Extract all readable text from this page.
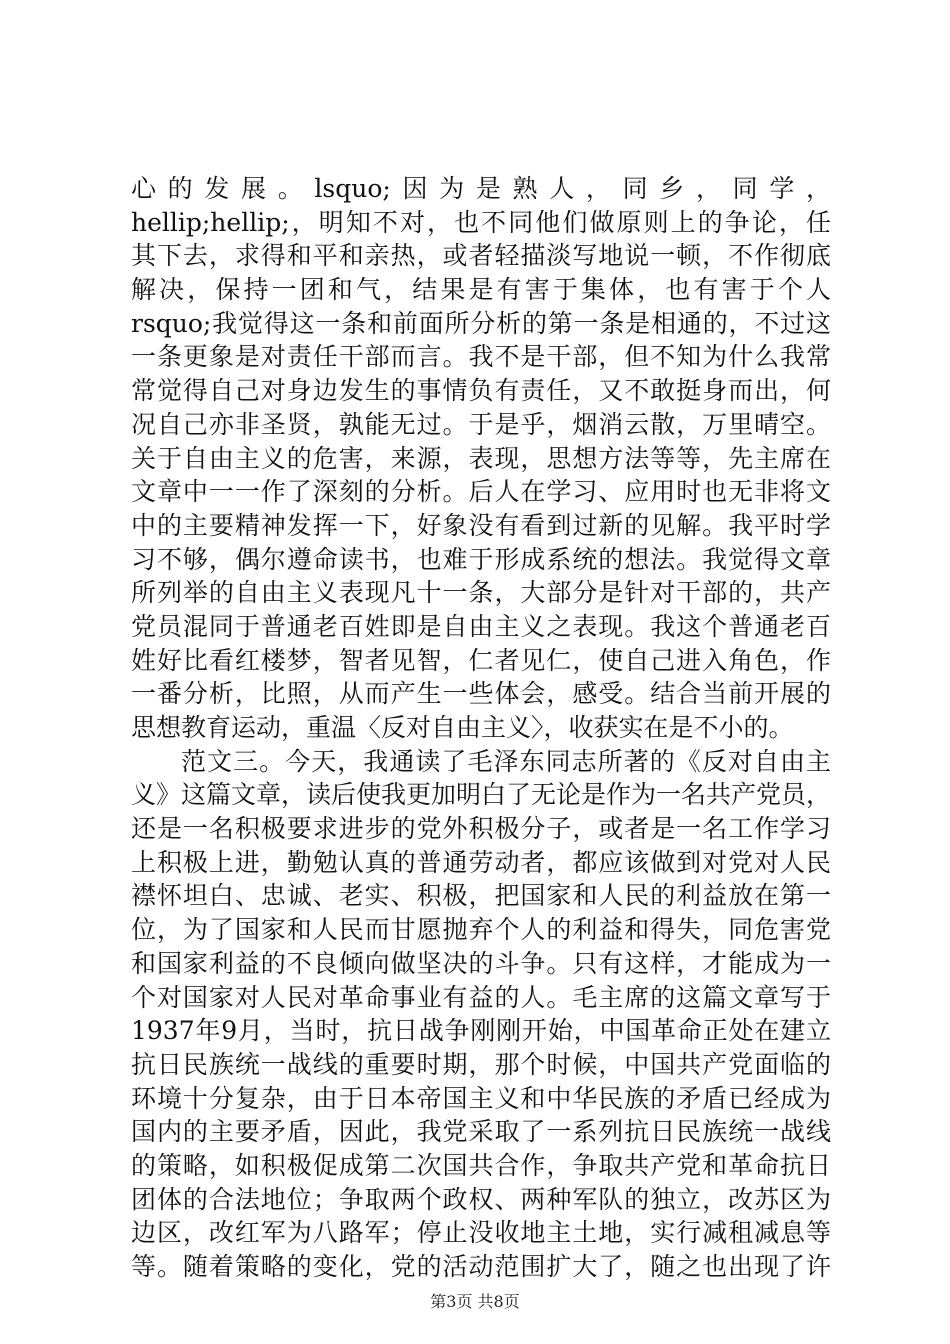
心的发展。lsquo;因为是熟人，同乡，同学，
hellip;hellip;，明知不对，也不同他们做原则上的争论，任
其下去，求得和平和亲热，或者轻描淡写地说一顿，不作彻底
解决，保持一团和气，结果是有害于集体，也有害于个人
rsquo;我觉得这一条和前面所分析的第一条是相通的，不过这
一条更象是对责任干部而言。我不是干部，但不知为什么我常
常觉得自己对身边发生的事情负有责任，又不敢挺身而出，何
况自己亦非圣贤，孰能无过。于是乎，烟消云散，万里晴空。
关于自由主义的危害，来源，表现，思想方法等等，先主席在
文章中一一作了深刻的分析。后人在学习、应用时也无非将文
中的主要精神发挥一下，好象没有看到过新的见解。我平时学
习不够，偶尔遵命读书，也难于形成系统的想法。我觉得文章
所列举的自由主义表现凡十一条，大部分是针对干部的，共产
党员混同于普通老百姓即是自由主义之表现。我这个普通老百
姓好比看红楼梦，智者见智，仁者见仁，使自己进入角色，作
一番分析，比照，从而产生一些体会，感受。结合当前开展的
思想教育运动，重温〈反对自由主义〉，收获实在是不小的。
范文三。今天，我通读了毛泽东同志所著的《反对自由主
义》这篇文章，读后使我更加明白了无论是作为一名共产党员，
还是一名积极要求进步的党外积极分子，或者是一名工作学习
上积极上进，勤勉认真的普通劳动者，都应该做到对党对人民
襟怀坦白、忠诚、老实、积极，把国家和人民的利益放在第一
位，为了国家和人民而甘愿抛弃个人的利益和得失，同危害党
和国家利益的不良倾向做坚决的斗争。只有这样，才能成为一
个对国家对人民对革命事业有益的人。毛主席的这篇文章写于
1937年9月，当时，抗日战争刚刚开始，中国革命正处在建立
抗日民族统一战线的重要时期，那个时候，中国共产党面临的
环境十分复杂，由于日本帝国主义和中华民族的矛盾已经成为
国内的主要矛盾，因此，我党采取了一系列抗日民族统一战线
的策略，如积极促成第二次国共合作，争取共产党和革命抗日
团体的合法地位；争取两个政权、两种军队的独立，改苏区为
边区，改红军为八路军；停止没收地主土地，实行减租减息等
等。随着策略的变化，党的活动范围扩大了，随之也出现了许
第3页 共8页
